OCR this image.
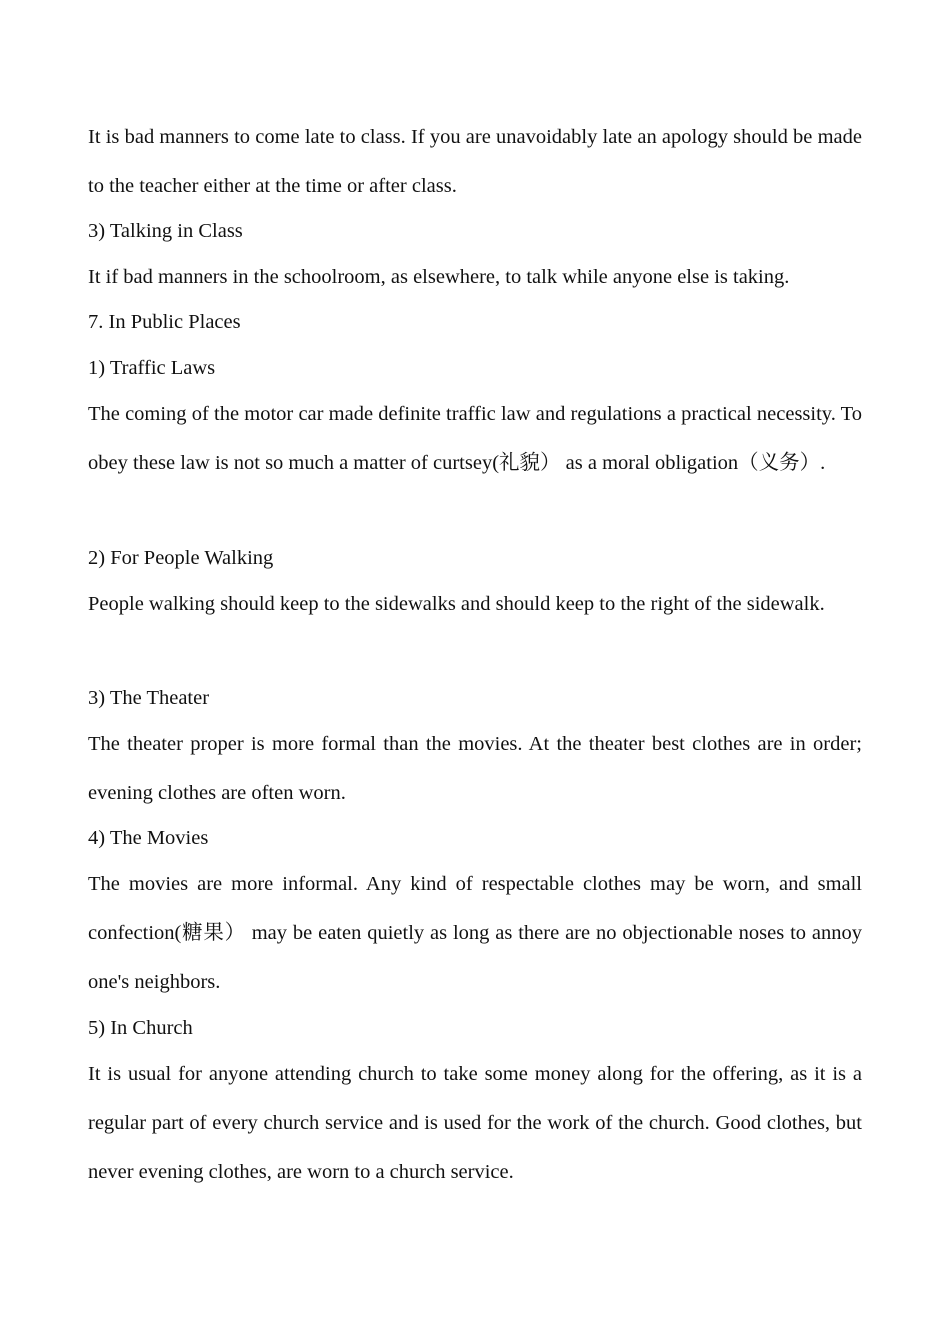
It is bad manners to come late to class. If you are unavoidably late an apology should be made to the teacher either at the time or after class.

3) Talking in Class

It if bad manners in the schoolroom, as elsewhere, to talk while anyone else is taking.

7. In Public Places

1) Traffic Laws

The coming of the motor car made definite traffic law and regulations a practical necessity. To obey these law is not so much a matter of curtsey(礼貌） as a moral obligation（义务）.

2) For People Walking

People walking should keep to the sidewalks and should keep to the right of the sidewalk.

3) The Theater

The theater proper is more formal than the movies. At the theater best clothes are in order; evening clothes are often worn.

4) The Movies

The movies are more informal. Any kind of respectable clothes may be worn, and small confection(糖果） may be eaten quietly as long as there are no objectionable noses to annoy one's neighbors.

5) In Church

It is usual for anyone attending church to take some money along for the offering, as it is a regular part of every church service and is used for the work of the church. Good clothes, but never evening clothes, are worn to a church service.
